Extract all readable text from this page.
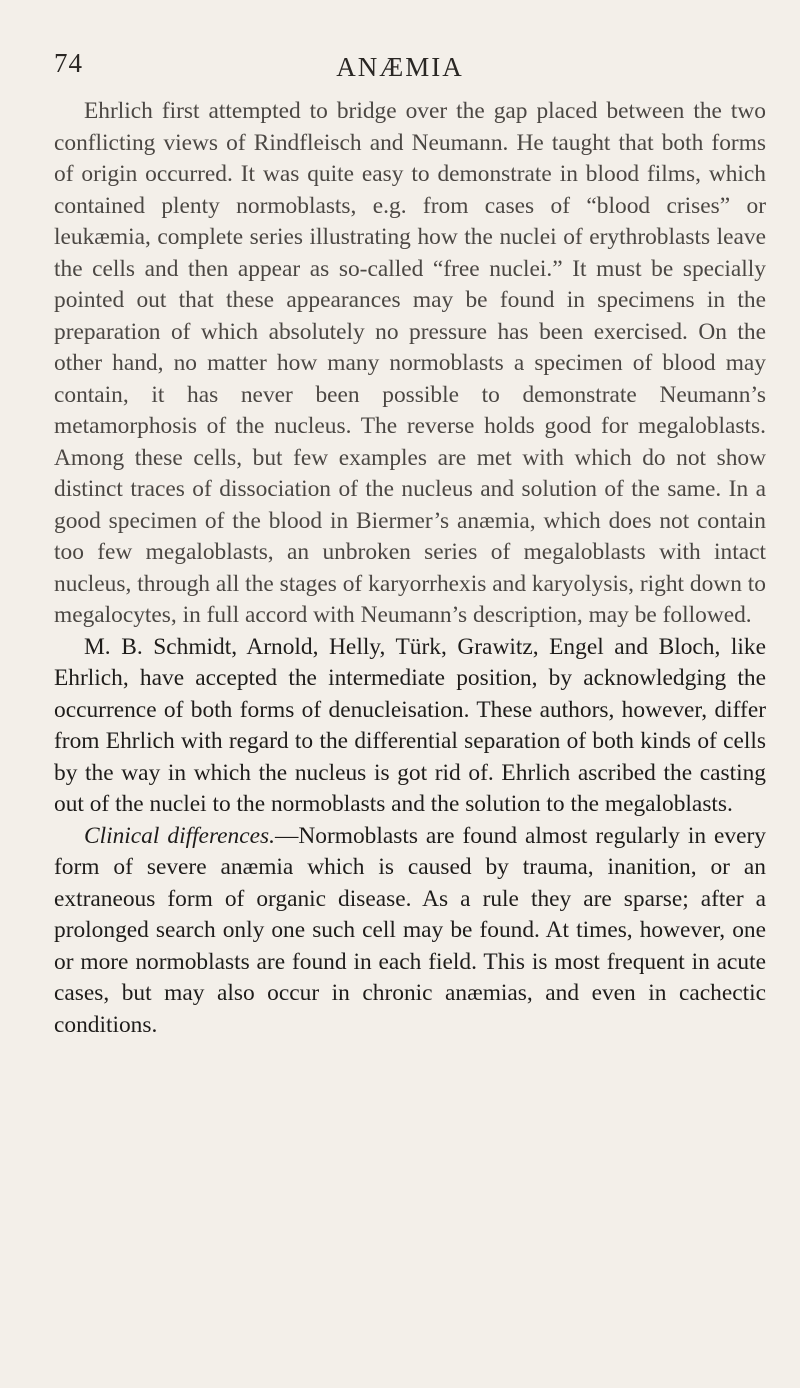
74	ANÆMIA

Ehrlich first attempted to bridge over the gap placed between the two conflicting views of Rindfleisch and Neumann. He taught that both forms of origin occurred. It was quite easy to demonstrate in blood films, which contained plenty normoblasts, e.g. from cases of “blood crises” or leukæmia, complete series illustrating how the nuclei of erythroblasts leave the cells and then appear as so-called “free nuclei.” It must be specially pointed out that these appearances may be found in specimens in the preparation of which absolutely no pressure has been exercised. On the other hand, no matter how many normoblasts a specimen of blood may contain, it has never been possible to demonstrate Neumann’s metamorphosis of the nucleus. The reverse holds good for megaloblasts. Among these cells, but few examples are met with which do not show distinct traces of dissociation of the nucleus and solution of the same. In a good specimen of the blood in Biermer’s anæmia, which does not contain too few megaloblasts, an unbroken series of megaloblasts with intact nucleus, through all the stages of karyorrhexis and karyolysis, right down to megalocytes, in full accord with Neumann’s description, may be followed.

M. B. Schmidt, Arnold, Helly, Türk, Grawitz, Engel and Bloch, like Ehrlich, have accepted the intermediate position, by acknowledging the occurrence of both forms of denucleisation. These authors, however, differ from Ehrlich with regard to the differential separation of both kinds of cells by the way in which the nucleus is got rid of. Ehrlich ascribed the casting out of the nuclei to the normoblasts and the solution to the megaloblasts.

Clinical differences.—Normoblasts are found almost regularly in every form of severe anæmia which is caused by trauma, inanition, or an extraneous form of organic disease. As a rule they are sparse; after a prolonged search only one such cell may be found. At times, however, one or more normoblasts are found in each field. This is most frequent in acute cases, but may also occur in chronic anæmias, and even in cachectic conditions.
